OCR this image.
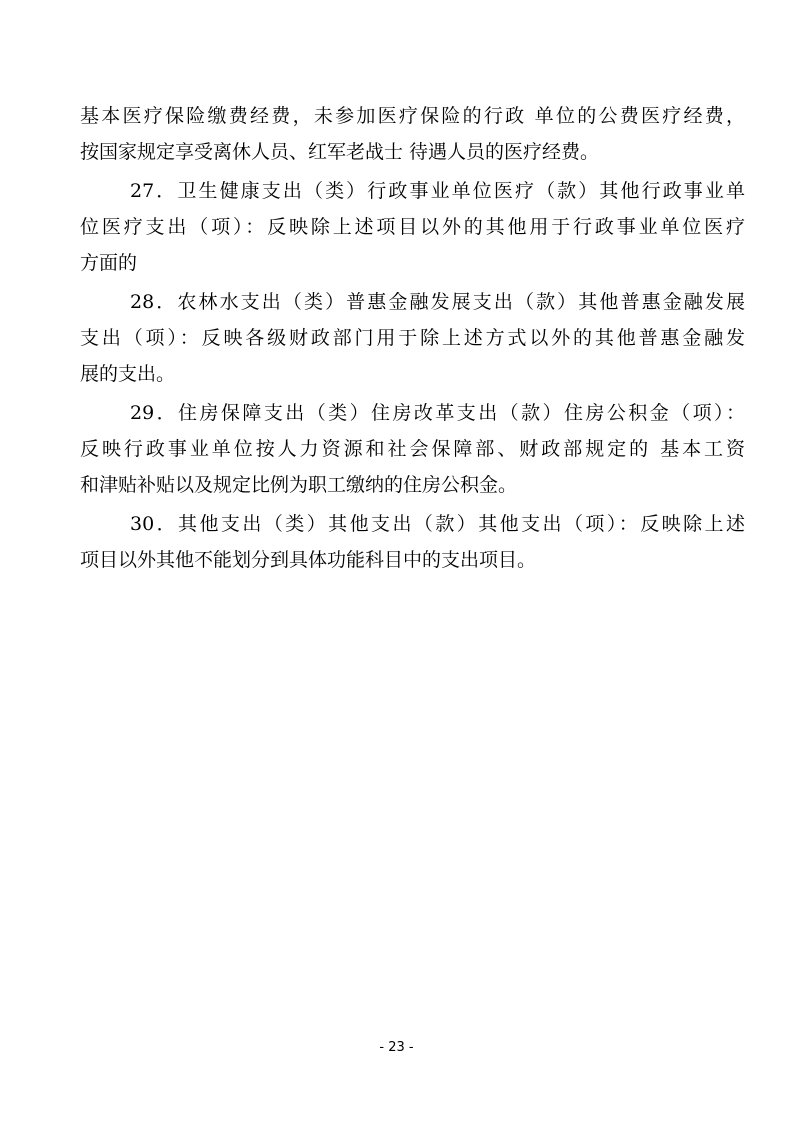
基本医疗保险缴费经费，未参加医疗保险的行政 单位的公费医疗经费，
按国家规定享受离休人员、红军老战士 待遇人员的医疗经费。
27．卫生健康支出（类）行政事业单位医疗（款）其他行政事业单
位医疗支出（项）：反映除上述项目以外的其他用于行政事业单位医疗
方面的
28．农林水支出（类）普惠金融发展支出（款）其他普惠金融发展
支出（项）：反映各级财政部门用于除上述方式以外的其他普惠金融发
展的支出。
29．住房保障支出（类）住房改革支出（款）住房公积金（项）：
反映行政事业单位按人力资源和社会保障部、财政部规定的 基本工资
和津贴补贴以及规定比例为职工缴纳的住房公积金。
30．其他支出（类）其他支出（款）其他支出（项）：反映除上述
项目以外其他不能划分到具体功能科目中的支出项目。
- 23 -
